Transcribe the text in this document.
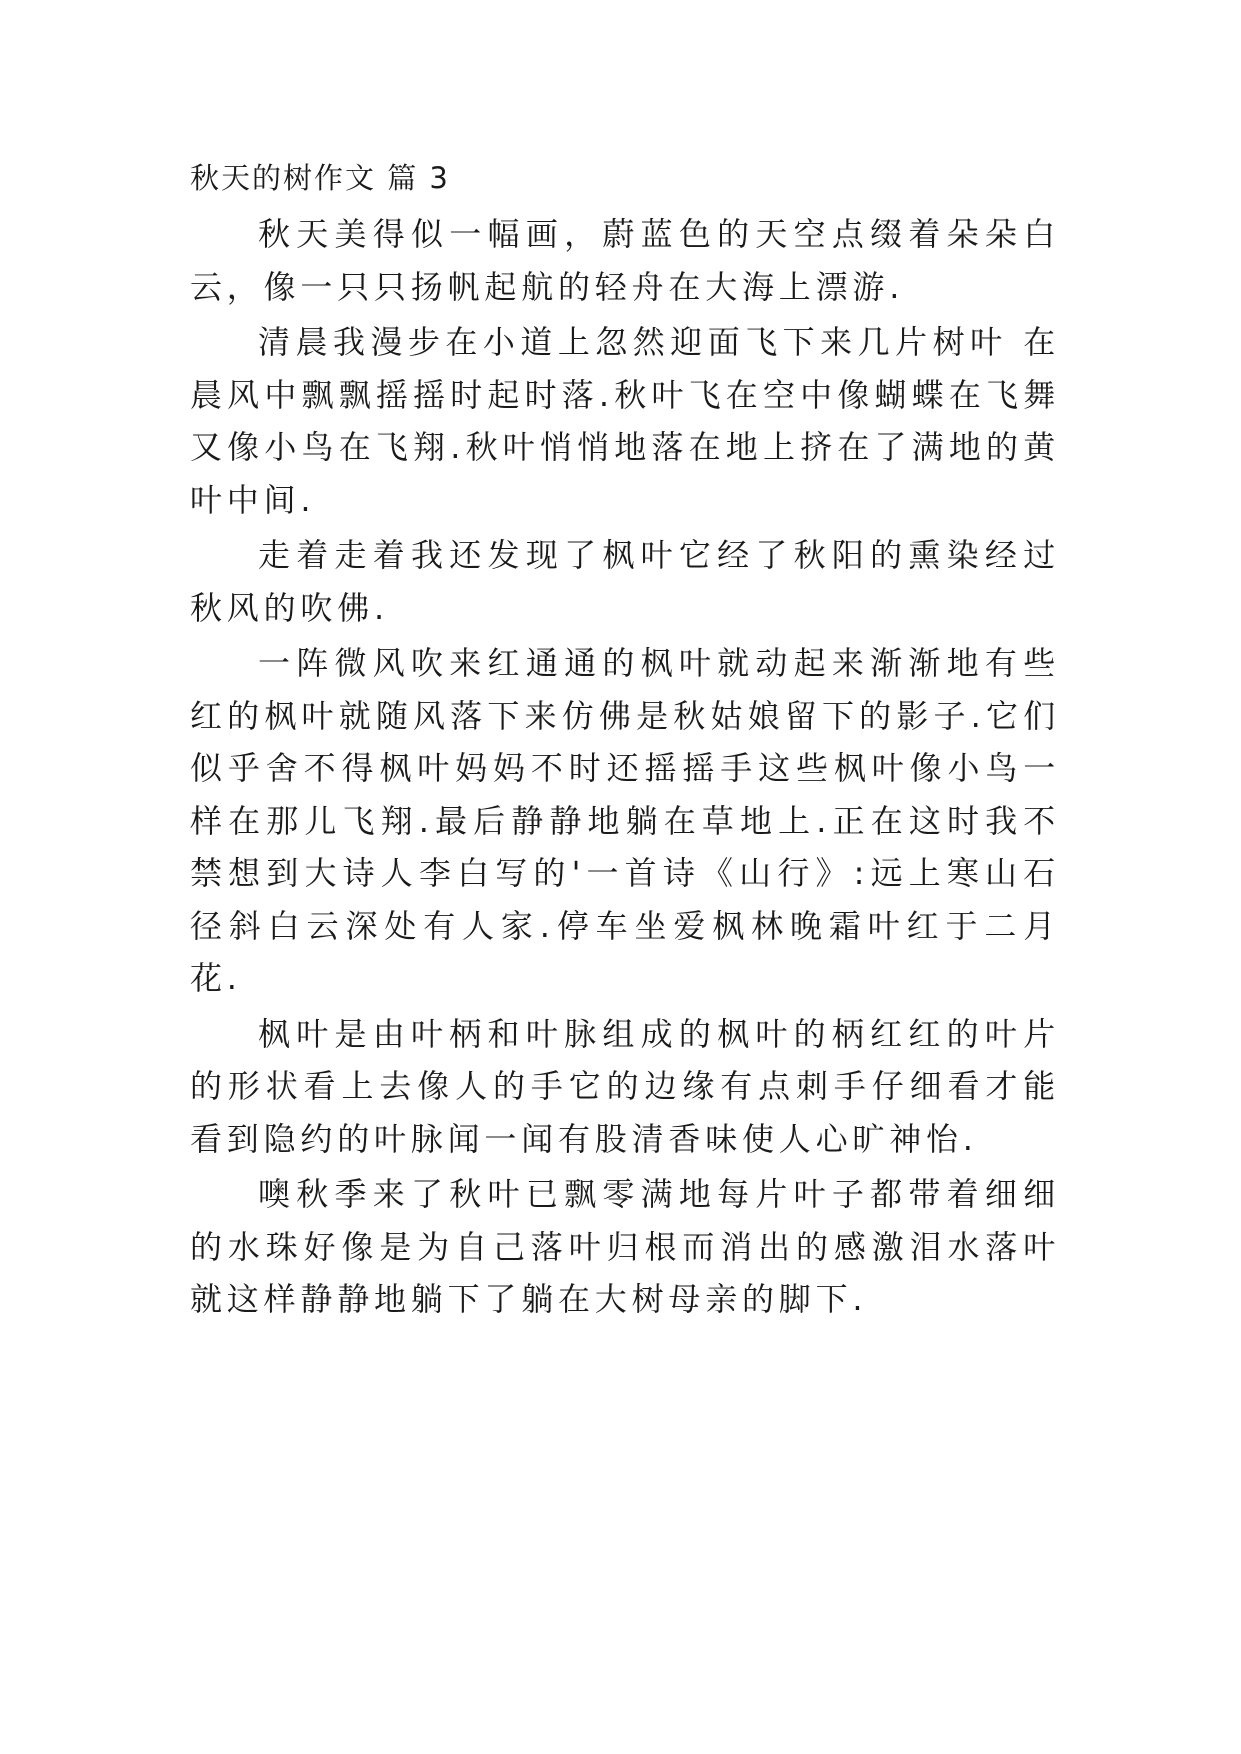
秋天的树作文 篇 3

秋天美得似一幅画，蔚蓝色的天空点缀着朵朵白云，像一只只扬帆起航的轻舟在大海上漂游.

清晨我漫步在小道上忽然迎面飞下来几片树叶 在晨风中飘飘摇摇时起时落.秋叶飞在空中像蝴蝶在飞舞又像小鸟在飞翔.秋叶悄悄地落在地上挤在了满地的黄叶中间.

走着走着我还发现了枫叶它经了秋阳的熏染经过秋风的吹佛.

一阵微风吹来红通通的枫叶就动起来渐渐地有些红的枫叶就随风落下来仿佛是秋姑娘留下的影子.它们似乎舍不得枫叶妈妈不时还摇摇手这些枫叶像小鸟一样在那儿飞翔.最后静静地躺在草地上.正在这时我不禁想到大诗人李白写的'一首诗《山行》:远上寒山石径斜白云深处有人家.停车坐爱枫林晚霜叶红于二月花.

枫叶是由叶柄和叶脉组成的枫叶的柄红红的叶片的形状看上去像人的手它的边缘有点刺手仔细看才能看到隐约的叶脉闻一闻有股清香味使人心旷神怡.

噢秋季来了秋叶已飘零满地每片叶子都带着细细的水珠好像是为自己落叶归根而消出的感激泪水落叶就这样静静地躺下了躺在大树母亲的脚下.
